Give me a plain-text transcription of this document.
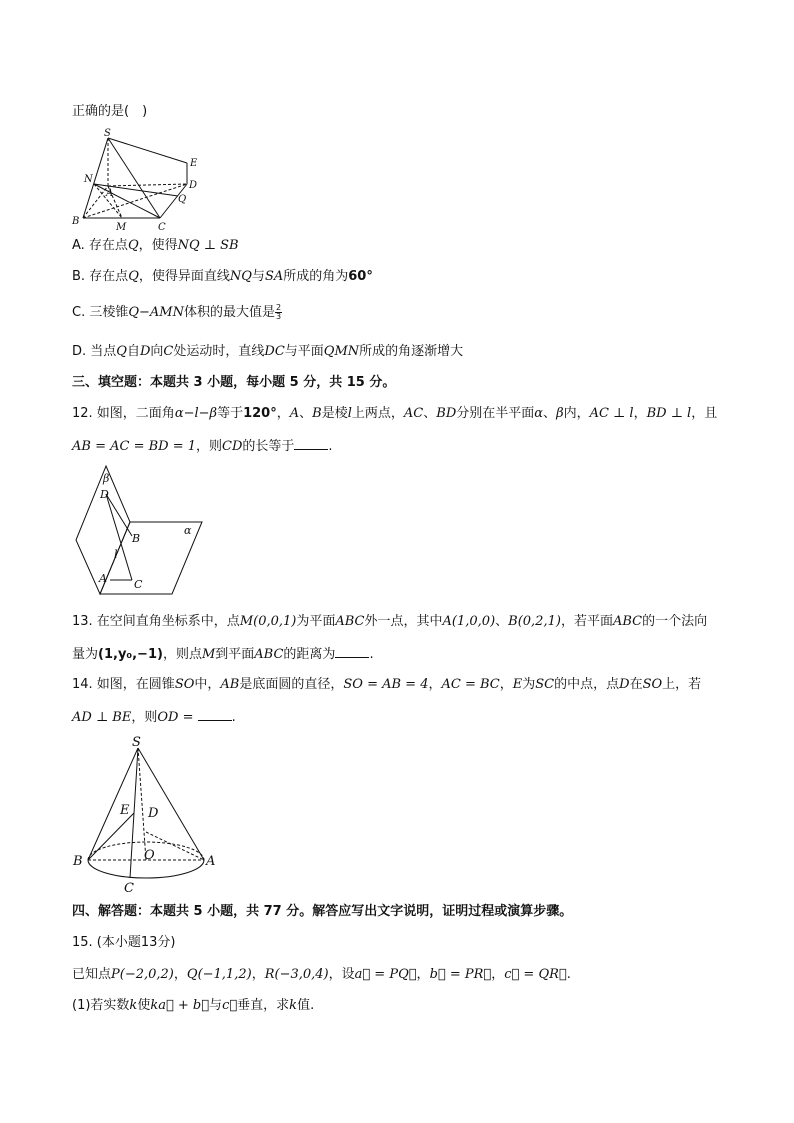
正确的是(　)
S
E
N
A
D
Q
B
M	C
A. 存在点Q，使得NQ ⊥ SB
B. 存在点Q，使得异面直线NQ与SA所成的角为60°
C. 三棱锥Q−AMN体积的最大值是 $\frac{2}{3}$
D. 当点Q自D向C处运动时，直线DC与平面QMN所成的角逐渐增大
三、填空题：本题共 3 小题，每小题 5 分，共 15 分。
12. 如图，二面角α−l−β等于120°，A、B是棱l上两点，AC、BD分别在半平面α、β内，AC ⊥ l，BD ⊥ l，且
AB = AC = BD = 1，则CD的长等于	.
β
D
α
B
l
A C
13. 在空间直角坐标系中，点M(0,0,1)为平面ABC外一点，其中A(1,0,0)、B(0,2,1)，若平面ABC的一个法向
量为(1,y₀,−1)，则点M到平面ABC的距离为	.
14. 如图，在圆锥SO中，AB是底面圆的直径，SO = AB = 4，AC = BC，E为SC的中点，点D在SO上，若
AD ⊥ BE，则OD =	.
S
E D
O
B	A
C
四、解答题：本题共 5 小题，共 77 分。解答应写出文字说明，证明过程或演算步骤。
15. (本小题13分)
已知点P(−2,0,2)，Q(−1,1,2)，R(−3,0,4)，设a⃗ = PQ⃗，b⃗ = PR⃗，c⃗ = QR⃗.
(1)若实数k使ka⃗ + b⃗与c⃗垂直，求k值.
